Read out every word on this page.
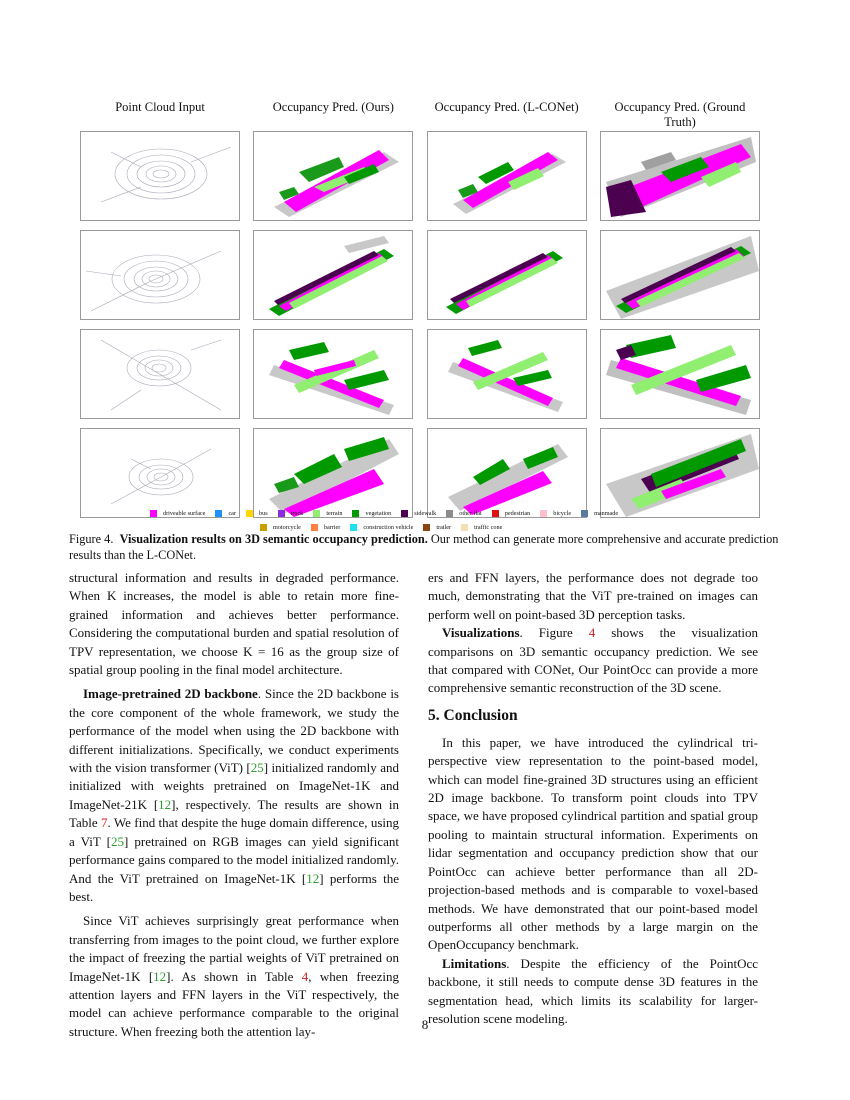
Point Cloud Input	Occupancy Pred. (Ours)	Occupancy Pred. (L-CONet)	Occupancy Pred. (Ground Truth)
driveable surface	car	bus	truck	terrain	vegetation	sidewalk	other flat	pedestrian	bicycle	manmade
motorcycle	barrier	construction vehicle	trailer	traffic cone
Figure 4. Visualization results on 3D semantic occupancy prediction. Our method can generate more comprehensive and accurate prediction results than the L-CONet.

structural information and results in degraded performance. When K increases, the model is able to retain more fine-grained information and achieves better performance. Considering the computational burden and spatial resolution of TPV representation, we choose K = 16 as the group size of spatial group pooling in the final model architecture.

Image-pretrained 2D backbone. Since the 2D backbone is the core component of the whole framework, we study the performance of the model when using the 2D backbone with different initializations. Specifically, we conduct experiments with the vision transformer (ViT) [25] initialized randomly and initialized with weights pretrained on ImageNet-1K and ImageNet-21K [12], respectively. The results are shown in Table 7. We find that despite the huge domain difference, using a ViT [25] pretrained on RGB images can yield significant performance gains compared to the model initialized randomly. And the ViT pretrained on ImageNet-1K [12] performs the best.

Since ViT achieves surprisingly great performance when transferring from images to the point cloud, we further explore the impact of freezing the partial weights of ViT pretrained on ImageNet-1K [12]. As shown in Table 4, when freezing attention layers and FFN layers in the ViT respectively, the model can achieve performance comparable to the original structure. When freezing both the attention lay-

ers and FFN layers, the performance does not degrade too much, demonstrating that the ViT pre-trained on images can perform well on point-based 3D perception tasks.

Visualizations. Figure 4 shows the visualization comparisons on 3D semantic occupancy prediction. We see that compared with CONet, Our PointOcc can provide a more comprehensive semantic reconstruction of the 3D scene.

5. Conclusion

In this paper, we have introduced the cylindrical tri-perspective view representation to the point-based model, which can model fine-grained 3D structures using an efficient 2D image backbone. To transform point clouds into TPV space, we have proposed cylindrical partition and spatial group pooling to maintain structural information. Experiments on lidar segmentation and occupancy prediction show that our PointOcc can achieve better performance than all 2D-projection-based methods and is comparable to voxel-based methods. We have demonstrated that our point-based model outperforms all other methods by a large margin on the OpenOccupancy benchmark.

Limitations. Despite the efficiency of the PointOcc backbone, it still needs to compute dense 3D features in the segmentation head, which limits its scalability for larger-resolution scene modeling.

8
